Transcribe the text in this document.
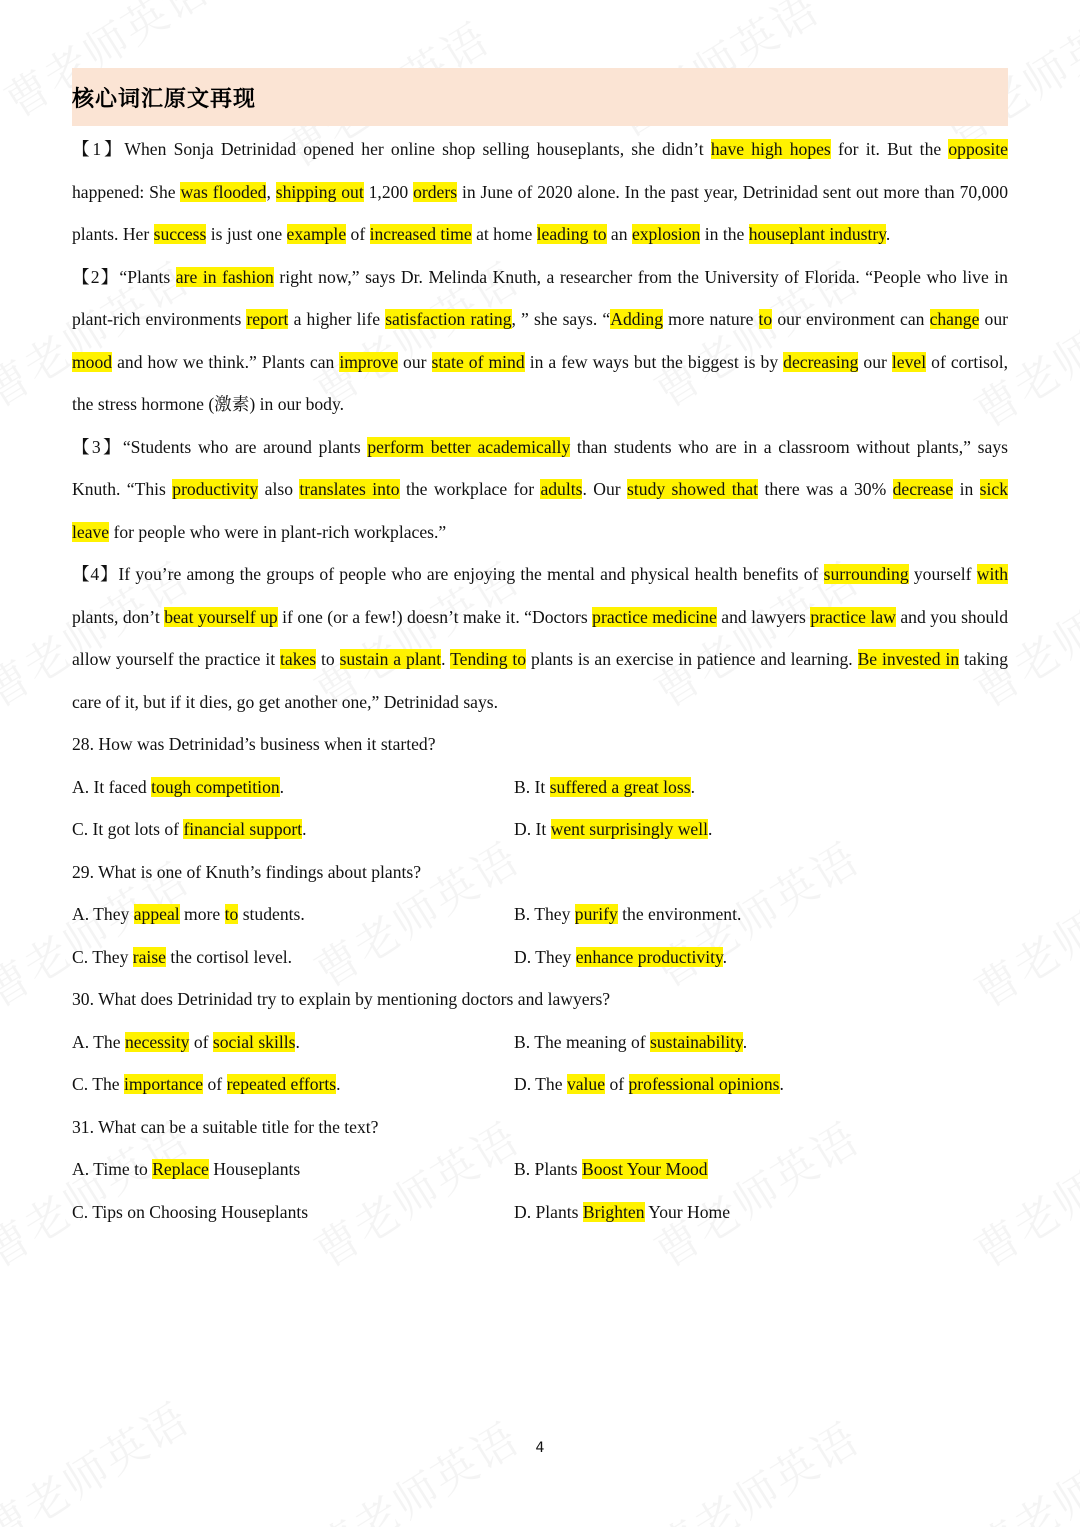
核心词汇原文再现
【1】When Sonja Detrinidad opened her online shop selling houseplants, she didn’t have high hopes for it. But the opposite happened: She was flooded, shipping out 1,200 orders in June of 2020 alone. In the past year, Detrinidad sent out more than 70,000 plants. Her success is just one example of increased time at home leading to an explosion in the houseplant industry.
【2】“Plants are in fashion right now,” says Dr. Melinda Knuth, a researcher from the University of Florida. “People who live in plant-rich environments report a higher life satisfaction rating, ” she says. “Adding more nature to our environment can change our mood and how we think.” Plants can improve our state of mind in a few ways but the biggest is by decreasing our level of cortisol, the stress hormone (激素) in our body.
【3】“Students who are around plants perform better academically than students who are in a classroom without plants,” says Knuth. “This productivity also translates into the workplace for adults. Our study showed that there was a 30% decrease in sick leave for people who were in plant-rich workplaces.”
【4】If you’re among the groups of people who are enjoying the mental and physical health benefits of surrounding yourself with plants, don’t beat yourself up if one (or a few!) doesn’t make it. “Doctors practice medicine and lawyers practice law and you should allow yourself the practice it takes to sustain a plant. Tending to plants is an exercise in patience and learning. Be invested in taking care of it, but if it dies, go get another one,” Detrinidad says.
28. How was Detrinidad’s business when it started?
A. It faced tough competition.	B. It suffered a great loss.
C. It got lots of financial support.	D. It went surprisingly well.
29. What is one of Knuth’s findings about plants?
A. They appeal more to students.	B. They purify the environment.
C. They raise the cortisol level.	D. They enhance productivity.
30. What does Detrinidad try to explain by mentioning doctors and lawyers?
A. The necessity of social skills.	B. The meaning of sustainability.
C. The importance of repeated efforts.	D. The value of professional opinions.
31. What can be a suitable title for the text?
A. Time to Replace Houseplants	B. Plants Boost Your Mood
C. Tips on Choosing Houseplants	D. Plants Brighten Your Home
4
